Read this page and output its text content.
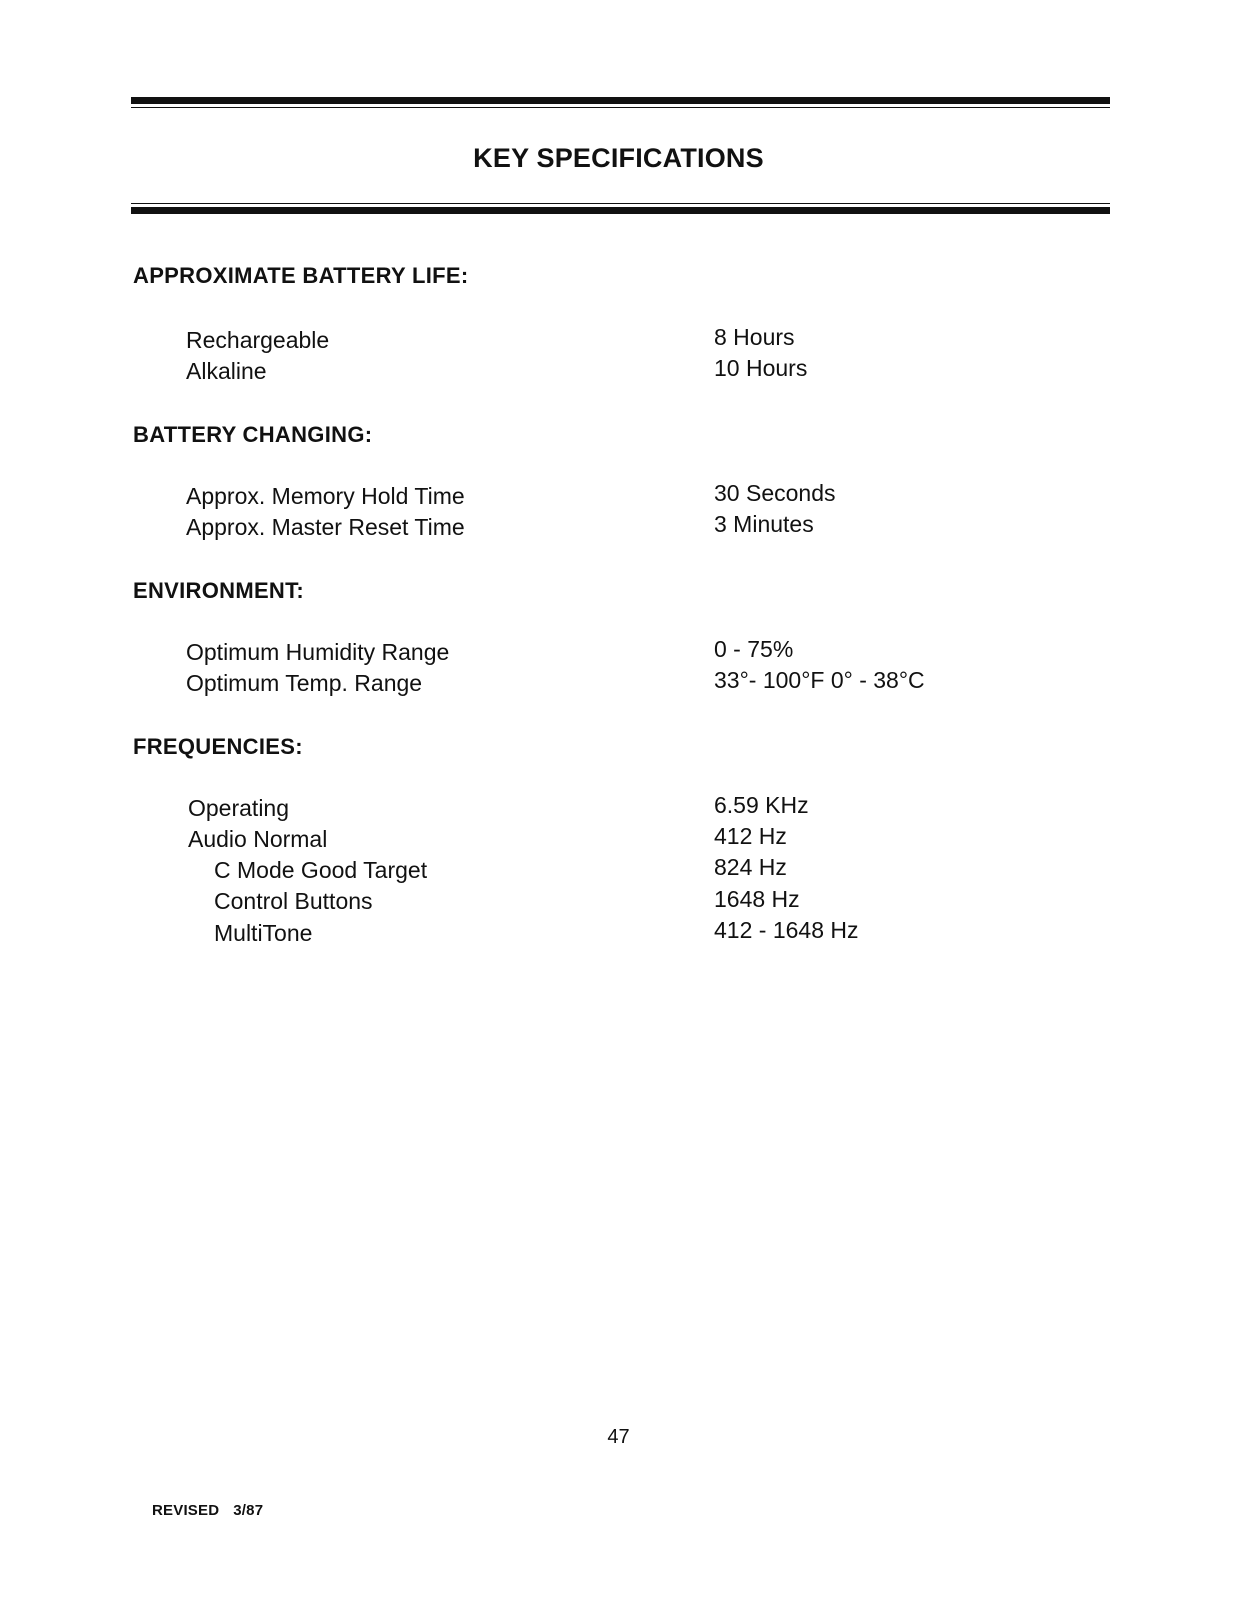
KEY SPECIFICATIONS
APPROXIMATE BATTERY LIFE:
Rechargeable	8 Hours
Alkaline	10 Hours
BATTERY CHANGING:
Approx. Memory Hold Time	30 Seconds
Approx. Master Reset Time	3 Minutes
ENVIRONMENT:
Optimum Humidity Range	0 - 75%
Optimum Temp. Range	33°- 100°F 0° - 38°C
FREQUENCIES:
Operating	6.59 KHz
Audio Normal	412 Hz
C Mode Good Target	824 Hz
Control Buttons	1648 Hz
MultiTone	412 - 1648 Hz
47
REVISED 3/87
